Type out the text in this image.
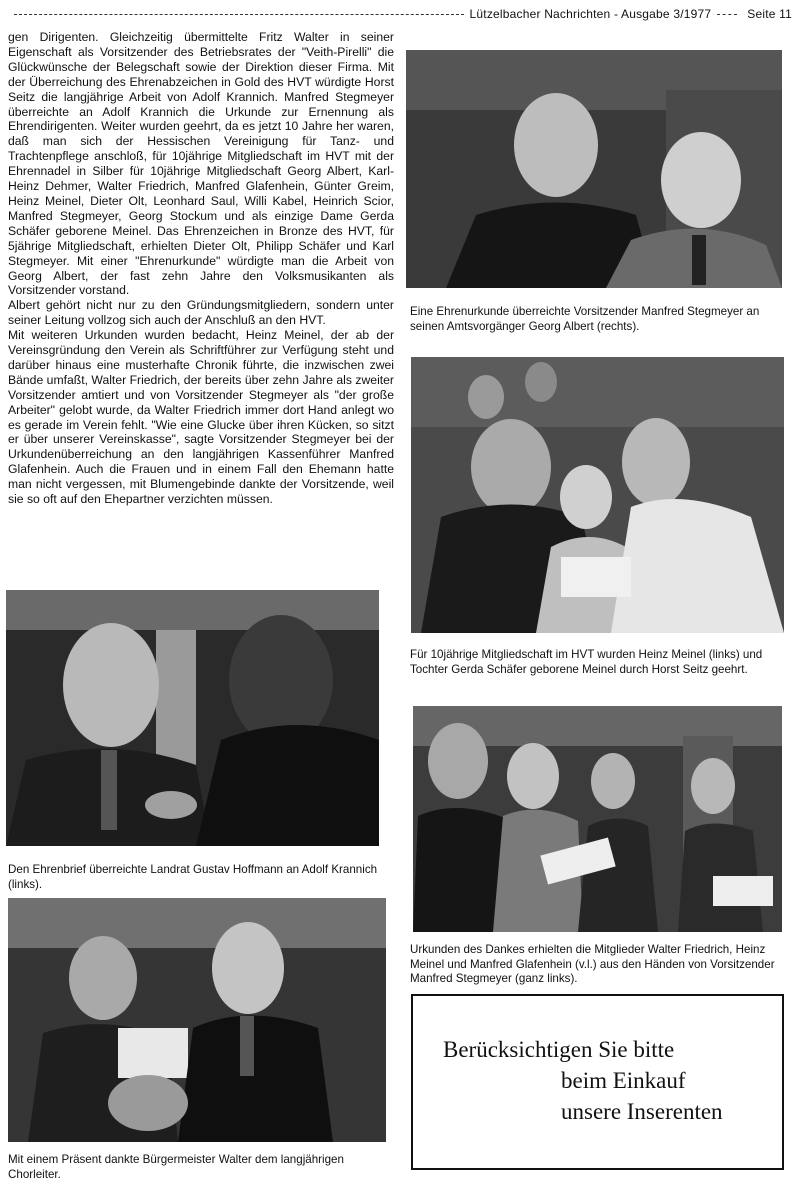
Lützelbacher Nachrichten - Ausgabe 3/1977	Seite 11

gen Dirigenten. Gleichzeitig übermittelte Fritz Walter in seiner Eigenschaft als Vorsitzender des Betriebsrates der "Veith-Pirelli" die Glückwünsche der Belegschaft sowie der Direktion dieser Firma. Mit der Überreichung des Ehrenabzeichen in Gold des HVT würdigte Horst Seitz die langjährige Arbeit von Adolf Krannich. Manfred Stegmeyer überreichte an Adolf Krannich die Urkunde zur Ernennung als Ehrendirigenten. Weiter wurden geehrt, da es jetzt 10 Jahre her waren, daß man sich der Hessischen Vereinigung für Tanz- und Trachtenpflege anschloß, für 10jährige Mitgliedschaft im HVT mit der Ehrennadel in Silber für 10jährige Mitgliedschaft Georg Albert, Karl-Heinz Dehmer, Walter Friedrich, Manfred Glafenhein, Günter Greim, Heinz Meinel, Dieter Olt, Leonhard Saul, Willi Kabel, Heinrich Scior, Manfred Stegmeyer, Georg Stockum und als einzige Dame Gerda Schäfer geborene Meinel. Das Ehrenzeichen in Bronze des HVT, für 5jährige Mitgliedschaft, erhielten Dieter Olt, Philipp Schäfer und Karl Stegmeyer. Mit einer "Ehrenurkunde" würdigte man die Arbeit von Georg Albert, der fast zehn Jahre den Volksmusikanten als Vorsitzender vorstand.

Albert gehört nicht nur zu den Gründungsmitgliedern, sondern unter seiner Leitung vollzog sich auch der Anschluß an den HVT.

Mit weiteren Urkunden wurden bedacht, Heinz Meinel, der ab der Vereinsgründung den Verein als Schriftführer zur Verfügung steht und darüber hinaus eine musterhafte Chronik führte, die inzwischen zwei Bände umfaßt, Walter Friedrich, der bereits über zehn Jahre als zweiter Vorsitzender amtiert und von Vorsitzender Stegmeyer als "der große Arbeiter" gelobt wurde, da Walter Friedrich immer dort Hand anlegt wo es gerade im Verein fehlt. "Wie eine Glucke über ihren Kücken, so sitzt er über unserer Vereinskasse", sagte Vorsitzender Stegmeyer bei der Urkundenüberreichung an den langjährigen Kassenführer Manfred Glafenhein. Auch die Frauen und in einem Fall den Ehemann hatte man nicht vergessen, mit Blumengebinde dankte der Vorsitzende, weil sie so oft auf den Ehepartner verzichten müssen.

Eine Ehrenurkunde überreichte Vorsitzender Manfred Stegmeyer an seinen Amtsvorgänger Georg Albert (rechts).
Für 10jährige Mitgliedschaft im HVT wurden Heinz Meinel (links) und Tochter Gerda Schäfer geborene Meinel durch Horst Seitz geehrt.
Den Ehrenbrief überreichte Landrat Gustav Hoffmann an Adolf Krannich (links).
Urkunden des Dankes erhielten die Mitglieder Walter Friedrich, Heinz Meinel und Manfred Glafenhein (v.l.) aus den Händen von Vorsitzender Manfred Stegmeyer (ganz links).
Mit einem Präsent dankte Bürgermeister Walter dem langjährigen Chorleiter.
Berücksichtigen Sie bitte
beim Einkauf
unsere Inserenten
